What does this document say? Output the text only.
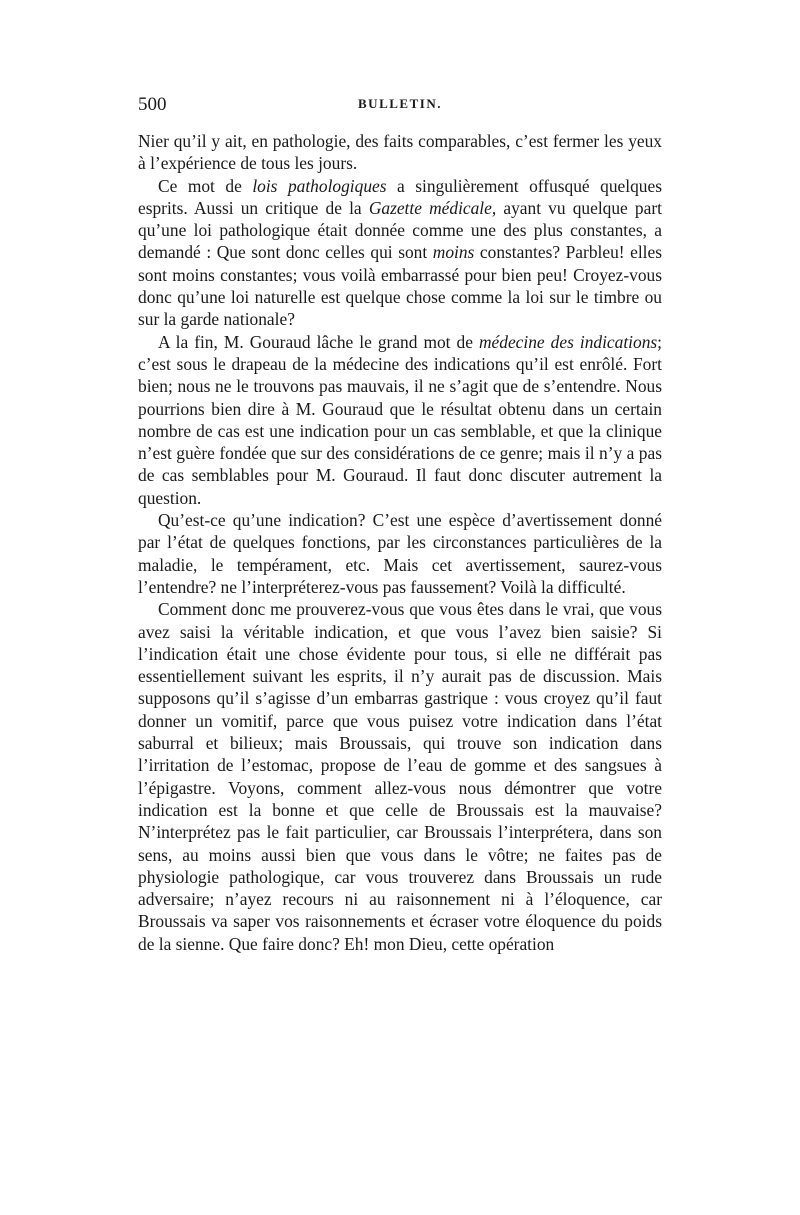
500	BULLETIN.

Nier qu’il y ait, en pathologie, des faits comparables, c’est fermer les yeux à l’expérience de tous les jours.

Ce mot de lois pathologiques a singulièrement offusqué quelques esprits. Aussi un critique de la Gazette médicale, ayant vu quelque part qu’une loi pathologique était donnée comme une des plus constantes, a demandé : Que sont donc celles qui sont moins constantes? Parbleu! elles sont moins constantes; vous voilà embarrassé pour bien peu! Croyez-vous donc qu’une loi naturelle est quelque chose comme la loi sur le timbre ou sur la garde nationale?

A la fin, M. Gouraud lâche le grand mot de médecine des indications; c’est sous le drapeau de la médecine des indications qu’il est enrôlé. Fort bien; nous ne le trouvons pas mauvais, il ne s’agit que de s’entendre. Nous pourrions bien dire à M. Gouraud que le résultat obtenu dans un certain nombre de cas est une indication pour un cas semblable, et que la clinique n’est guère fondée que sur des considérations de ce genre; mais il n’y a pas de cas semblables pour M. Gouraud. Il faut donc discuter autrement la question.

Qu’est-ce qu’une indication? C’est une espèce d’avertissement donné par l’état de quelques fonctions, par les circonstances particulières de la maladie, le tempérament, etc. Mais cet avertissement, saurez-vous l’entendre? ne l’interpréterez-vous pas faussement? Voilà la difficulté.

Comment donc me prouverez-vous que vous êtes dans le vrai, que vous avez saisi la véritable indication, et que vous l’avez bien saisie? Si l’indication était une chose évidente pour tous, si elle ne différait pas essentiellement suivant les esprits, il n’y aurait pas de discussion. Mais supposons qu’il s’agisse d’un embarras gastrique : vous croyez qu’il faut donner un vomitif, parce que vous puisez votre indication dans l’état saburral et bilieux; mais Broussais, qui trouve son indication dans l’irritation de l’estomac, propose de l’eau de gomme et des sangsues à l’épigastre. Voyons, comment allez-vous nous démontrer que votre indication est la bonne et que celle de Broussais est la mauvaise? N’interprétez pas le fait particulier, car Broussais l’interprétera, dans son sens, au moins aussi bien que vous dans le vôtre; ne faites pas de physiologie pathologique, car vous trouverez dans Broussais un rude adversaire; n’ayez recours ni au raisonnement ni à l’éloquence, car Broussais va saper vos raisonnements et écraser votre éloquence du poids de la sienne. Que faire donc? Eh! mon Dieu, cette opération
